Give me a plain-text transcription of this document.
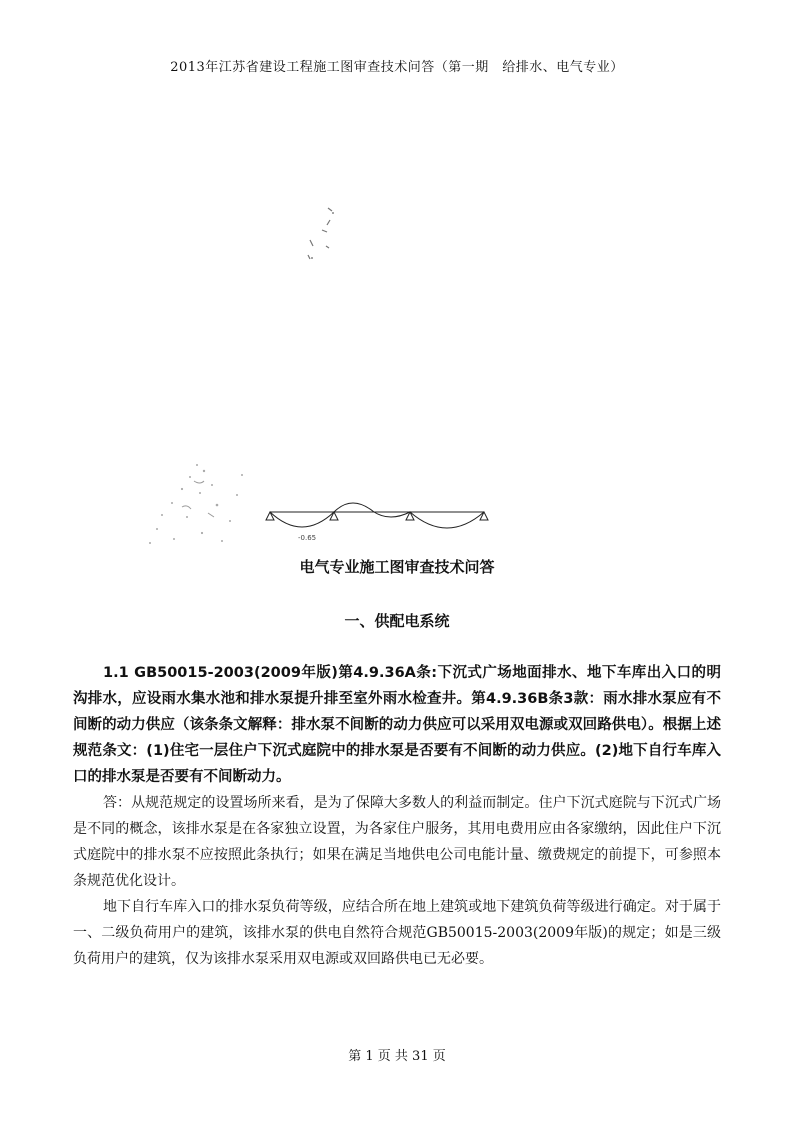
2013年江苏省建设工程施工图审查技术问答（第一期　给排水、电气专业）
-0.65
电气专业施工图审查技术问答
一、供配电系统

1.1 GB50015-2003(2009年版)第4.9.36A条:下沉式广场地面排水、地下车库出入口的明沟排水，应设雨水集水池和排水泵提升排至室外雨水检查井。第4.9.36B条3款：雨水排水泵应有不间断的动力供应（该条条文解释：排水泵不间断的动力供应可以采用双电源或双回路供电）。根据上述规范条文：(1)住宅一层住户下沉式庭院中的排水泵是否要有不间断的动力供应。(2)地下自行车库入口的排水泵是否要有不间断动力。

答：从规范规定的设置场所来看，是为了保障大多数人的利益而制定。住户下沉式庭院与下沉式广场是不同的概念，该排水泵是在各家独立设置，为各家住户服务，其用电费用应由各家缴纳，因此住户下沉式庭院中的排水泵不应按照此条执行；如果在满足当地供电公司电能计量、缴费规定的前提下，可参照本条规范优化设计。

地下自行车库入口的排水泵负荷等级，应结合所在地上建筑或地下建筑负荷等级进行确定。对于属于一、二级负荷用户的建筑，该排水泵的供电自然符合规范GB50015-2003(2009年版)的规定；如是三级负荷用户的建筑，仅为该排水泵采用双电源或双回路供电已无必要。

第 1 页 共 31 页
